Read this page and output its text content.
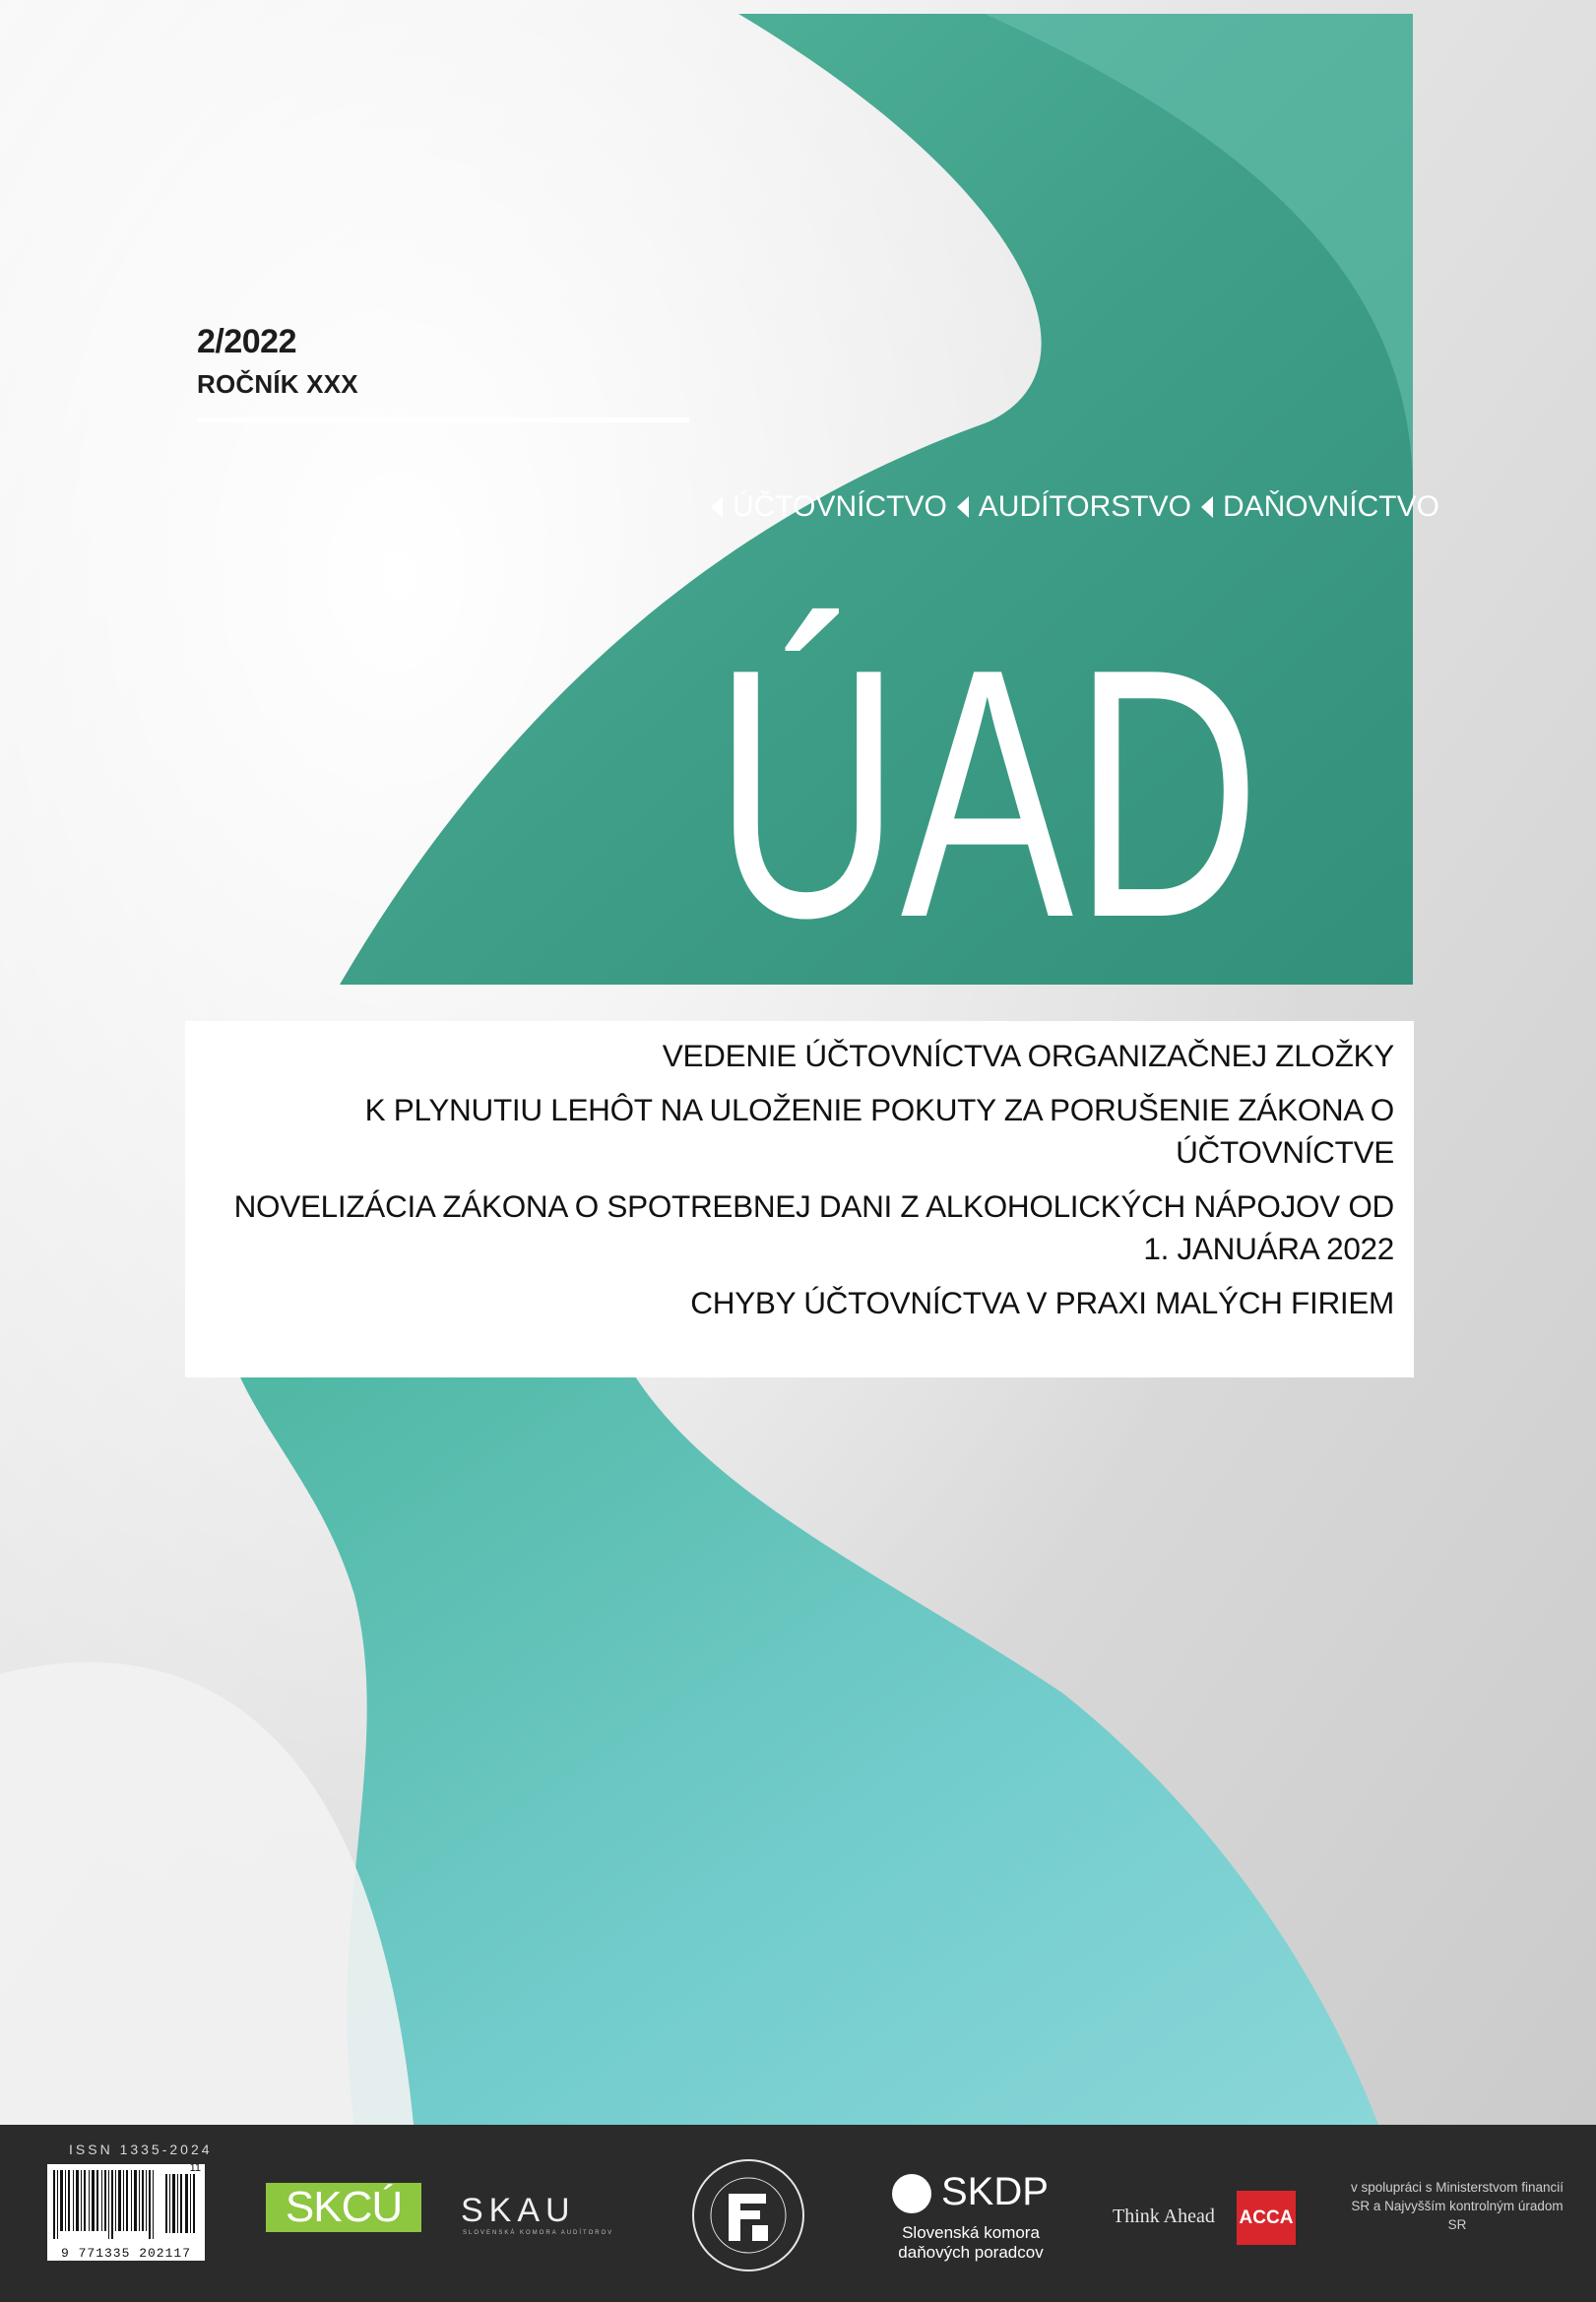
2/2022
ROČNÍK XXX
ÚČTOVNÍCTVO AUDÍTORSTVO DAŇOVNÍCTVO
ÚAD
VEDENIE ÚČTOVNÍCTVA ORGANIZAČNEJ ZLOŽKY
K PLYNUTIU LEHÔT NA ULOŽENIE POKUTY ZA PORUŠENIE ZÁKONA O ÚČTOVNÍCTVE
NOVELIZÁCIA ZÁKONA O SPOTREBNEJ DANI Z ALKOHOLICKÝCH NÁPOJOV OD 1. JANUÁRA 2022
CHYBY ÚČTOVNÍCTVA V PRAXI MALÝCH FIRIEM
ISSN 1335-2024
11
9 771335 202117
SKCÚ	SKAU
SLOVENSKÁ KOMORA AUDÍTOROV
SKDP
Slovenská komora daňových poradcov
Think Ahead ACCA
v spolupráci s Ministerstvom financií SR a Najvyšším kontrolným úradom SR
